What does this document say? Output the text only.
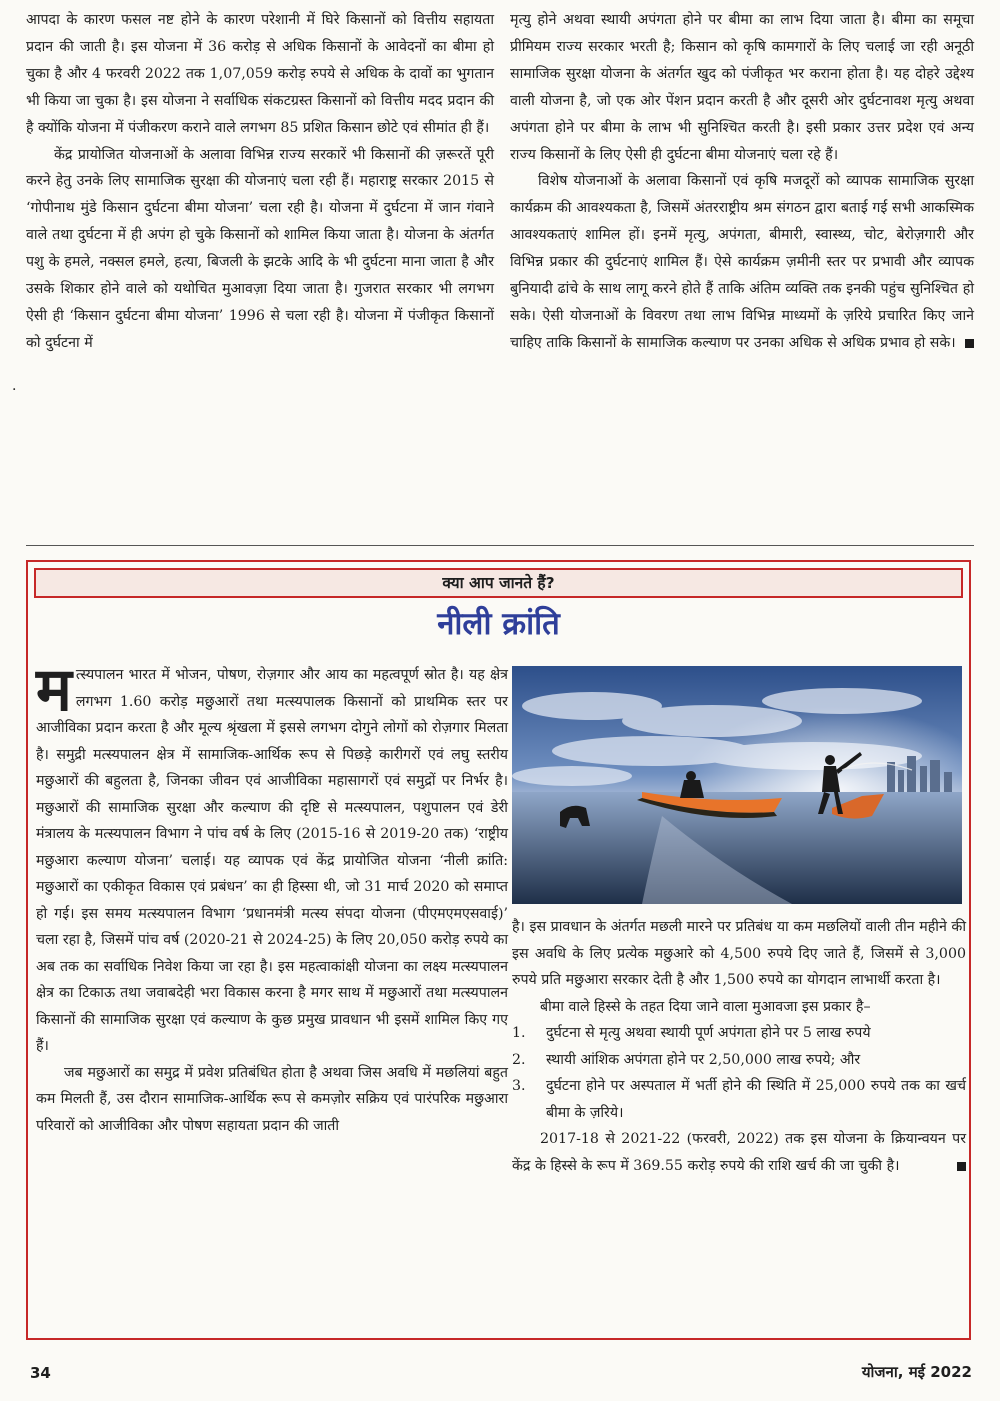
·

आपदा के कारण फसल नष्ट होने के कारण परेशानी में घिरे किसानों को वित्तीय सहायता प्रदान की जाती है। इस योजना में 36 करोड़ से अधिक किसानों के आवेदनों का बीमा हो चुका है और 4 फरवरी 2022 तक 1,07,059 करोड़ रुपये से अधिक के दावों का भुगतान भी किया जा चुका है। इस योजना ने सर्वाधिक संकटग्रस्त किसानों को वित्तीय मदद प्रदान की है क्योंकि योजना में पंजीकरण कराने वाले लगभग 85 प्रशित किसान छोटे एवं सीमांत ही हैं।

केंद्र प्रायोजित योजनाओं के अलावा विभिन्न राज्य सरकारें भी किसानों की ज़रूरतें पूरी करने हेतु उनके लिए सामाजिक सुरक्षा की योजनाएं चला रही हैं। महाराष्ट्र सरकार 2015 से ‘गोपीनाथ मुंडे किसान दुर्घटना बीमा योजना’ चला रही है। योजना में दुर्घटना में जान गंवाने वाले तथा दुर्घटना में ही अपंग हो चुके किसानों को शामिल किया जाता है। योजना के अंतर्गत पशु के हमले, नक्सल हमले, हत्या, बिजली के झटके आदि के भी दुर्घटना माना जाता है और उसके शिकार होने वाले को यथोचित मुआवज़ा दिया जाता है। गुजरात सरकार भी लगभग ऐसी ही ‘किसान दुर्घटना बीमा योजना’ 1996 से चला रही है। योजना में पंजीकृत किसानों को दुर्घटना में

मृत्यु होने अथवा स्थायी अपंगता होने पर बीमा का लाभ दिया जाता है। बीमा का समूचा प्रीमियम राज्य सरकार भरती है; किसान को कृषि कामगारों के लिए चलाई जा रही अनूठी सामाजिक सुरक्षा योजना के अंतर्गत खुद को पंजीकृत भर कराना होता है। यह दोहरे उद्देश्य वाली योजना है, जो एक ओर पेंशन प्रदान करती है और दूसरी ओर दुर्घटनावश मृत्यु अथवा अपंगता होने पर बीमा के लाभ भी सुनिश्चित करती है। इसी प्रकार उत्तर प्रदेश एवं अन्य राज्य किसानों के लिए ऐसी ही दुर्घटना बीमा योजनाएं चला रहे हैं।

विशेष योजनाओं के अलावा किसानों एवं कृषि मजदूरों को व्यापक सामाजिक सुरक्षा कार्यक्रम की आवश्यकता है, जिसमें अंतरराष्ट्रीय श्रम संगठन द्वारा बताई गई सभी आकस्मिक आवश्यकताएं शामिल हों। इनमें मृत्यु, अपंगता, बीमारी, स्वास्थ्य, चोट, बेरोज़गारी और विभिन्न प्रकार की दुर्घटनाएं शामिल हैं। ऐसे कार्यक्रम ज़मीनी स्तर पर प्रभावी और व्यापक बुनियादी ढांचे के साथ लागू करने होते हैं ताकि अंतिम व्यक्ति तक इनकी पहुंच सुनिश्चित हो सके। ऐसी योजनाओं के विवरण तथा लाभ विभिन्न माध्यमों के ज़रिये प्रचारित किए जाने चाहिए ताकि किसानों के सामाजिक कल्याण पर उनका अधिक से अधिक प्रभाव हो सके।

क्या आप जानते हैं?
नीली क्रांति

मत्स्यपालन भारत में भोजन, पोषण, रोज़गार और आय का महत्वपूर्ण स्रोत है। यह क्षेत्र लगभग 1.60 करोड़ मछुआरों तथा मत्स्यपालक किसानों को प्राथमिक स्तर पर आजीविका प्रदान करता है और मूल्य श्रृंखला में इससे लगभग दोगुने लोगों को रोज़गार मिलता है। समुद्री मत्स्यपालन क्षेत्र में सामाजिक-आर्थिक रूप से पिछड़े कारीगरों एवं लघु स्तरीय मछुआरों की बहुलता है, जिनका जीवन एवं आजीविका महासागरों एवं समुद्रों पर निर्भर है। मछुआरों की सामाजिक सुरक्षा और कल्याण की दृष्टि से मत्स्यपालन, पशुपालन एवं डेरी मंत्रालय के मत्स्यपालन विभाग ने पांच वर्ष के लिए (2015-16 से 2019-20 तक) ‘राष्ट्रीय मछुआरा कल्याण योजना’ चलाई। यह व्यापक एवं केंद्र प्रायोजित योजना ‘नीली क्रांति: मछुआरों का एकीकृत विकास एवं प्रबंधन’ का ही हिस्सा थी, जो 31 मार्च 2020 को समाप्त हो गई। इस समय मत्स्यपालन विभाग ‘प्रधानमंत्री मत्स्य संपदा योजना (पीएमएमएसवाई)’ चला रहा है, जिसमें पांच वर्ष (2020-21 से 2024-25) के लिए 20,050 करोड़ रुपये का अब तक का सर्वाधिक निवेश किया जा रहा है। इस महत्वाकांक्षी योजना का लक्ष्य मत्स्यपालन क्षेत्र का टिकाऊ तथा जवाबदेही भरा विकास करना है मगर साथ में मछुआरों तथा मत्स्यपालन किसानों की सामाजिक सुरक्षा एवं कल्याण के कुछ प्रमुख प्रावधान भी इसमें शामिल किए गए हैं।

जब मछुआरों का समुद्र में प्रवेश प्रतिबंधित होता है अथवा जिस अवधि में मछलियां बहुत कम मिलती हैं, उस दौरान सामाजिक-आर्थिक रूप से कमज़ोर सक्रिय एवं पारंपरिक मछुआरा परिवारों को आजीविका और पोषण सहायता प्रदान की जाती

है। इस प्रावधान के अंतर्गत मछली मारने पर प्रतिबंध या कम मछलियों वाली तीन महीने की इस अवधि के लिए प्रत्येक मछुआरे को 4,500 रुपये दिए जाते हैं, जिसमें से 3,000 रुपये प्रति मछुआरा सरकार देती है और 1,500 रुपये का योगदान लाभार्थी करता है।

बीमा वाले हिस्से के तहत दिया जाने वाला मुआवजा इस प्रकार है–

1. दुर्घटना से मृत्यु अथवा स्थायी पूर्ण अपंगता होने पर 5 लाख रुपये
2. स्थायी आंशिक अपंगता होने पर 2,50,000 लाख रुपये; और
3. दुर्घटना होने पर अस्पताल में भर्ती होने की स्थिति में 25,000 रुपये तक का खर्च बीमा के ज़रिये।

2017-18 से 2021-22 (फरवरी, 2022) तक इस योजना के क्रियान्वयन पर केंद्र के हिस्से के रूप में 369.55 करोड़ रुपये की राशि खर्च की जा चुकी है।

34	योजना, मई 2022
